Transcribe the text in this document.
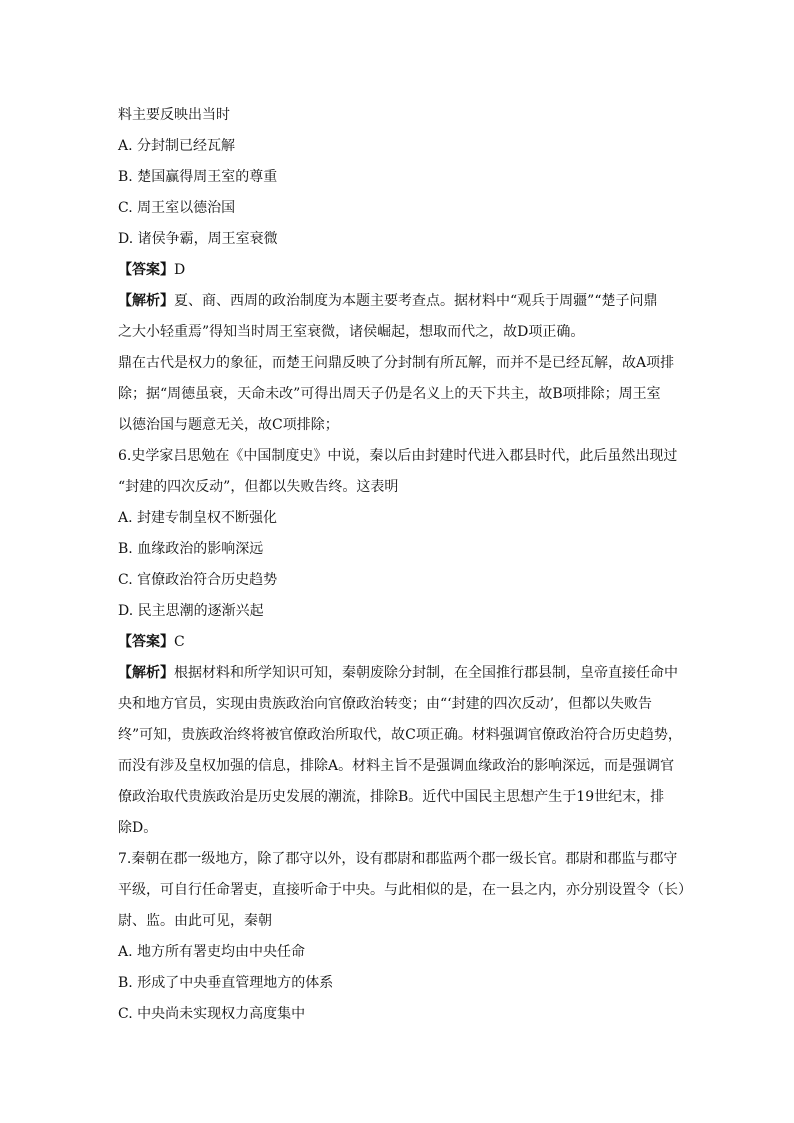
料主要反映出当时
A. 分封制已经瓦解
B. 楚国赢得周王室的尊重
C. 周王室以德治国
D. 诸侯争霸，周王室衰微
【答案】D
【解析】夏、商、西周的政治制度为本题主要考查点。据材料中“观兵于周疆”“楚子问鼎
之大小轻重焉”得知当时周王室衰微，诸侯崛起，想取而代之，故D项正确。
鼎在古代是权力的象征，而楚王问鼎反映了分封制有所瓦解，而并不是已经瓦解，故A项排
除；据“周德虽衰，天命未改”可得出周天子仍是名义上的天下共主，故B项排除；周王室
以德治国与题意无关，故C项排除；
6.史学家吕思勉在《中国制度史》中说，秦以后由封建时代进入郡县时代，此后虽然出现过
“封建的四次反动”，但都以失败告终。这表明
A. 封建专制皇权不断强化
B. 血缘政治的影响深远
C. 官僚政治符合历史趋势
D. 民主思潮的逐渐兴起
【答案】C
【解析】根据材料和所学知识可知，秦朝废除分封制，在全国推行郡县制，皇帝直接任命中
央和地方官员，实现由贵族政治向官僚政治转变；由“‘封建的四次反动’，但都以失败告
终”可知，贵族政治终将被官僚政治所取代，故C项正确。材料强调官僚政治符合历史趋势，
而没有涉及皇权加强的信息，排除A。材料主旨不是强调血缘政治的影响深远，而是强调官
僚政治取代贵族政治是历史发展的潮流，排除B。近代中国民主思想产生于19世纪末，排
除D。
7.秦朝在郡一级地方，除了郡守以外，设有郡尉和郡监两个郡一级长官。郡尉和郡监与郡守
平级，可自行任命署吏，直接听命于中央。与此相似的是，在一县之内，亦分别设置令（长）
尉、监。由此可见，秦朝
A. 地方所有署吏均由中央任命
B. 形成了中央垂直管理地方的体系
C. 中央尚未实现权力高度集中
